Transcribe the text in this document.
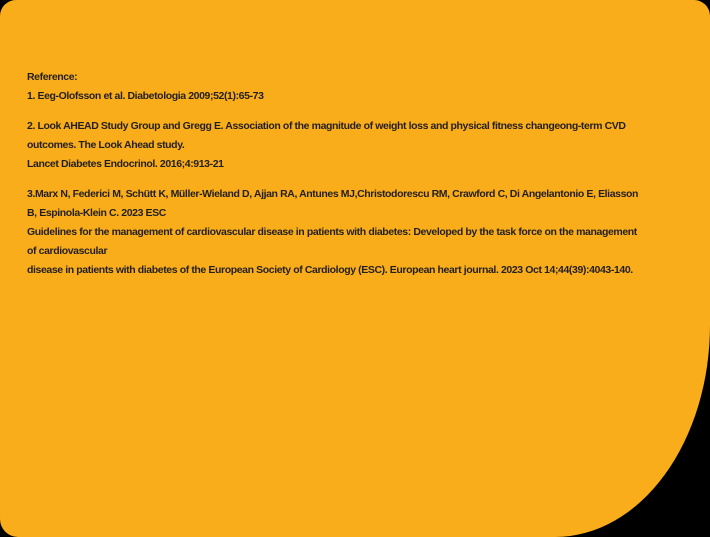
Reference:
1. Eeg-Olofsson et al. Diabetologia 2009;52(1):65-73
2. Look AHEAD Study Group and Gregg E. Association of the magnitude of weight loss and physical fitness changeong-term CVD
outcomes. The Look Ahead study.
Lancet Diabetes Endocrinol. 2016;4:913-21
3.Marx N, Federici M, Schütt K, Müller-Wieland D, Ajjan RA, Antunes MJ,Christodorescu RM, Crawford C, Di Angelantonio E, Eliasson
B, Espinola-Klein C. 2023 ESC
Guidelines for the management of cardiovascular disease in patients with diabetes: Developed by the task force on the management
of cardiovascular
disease in patients with diabetes of the European Society of Cardiology (ESC). European heart journal. 2023 Oct 14;44(39):4043-140.
